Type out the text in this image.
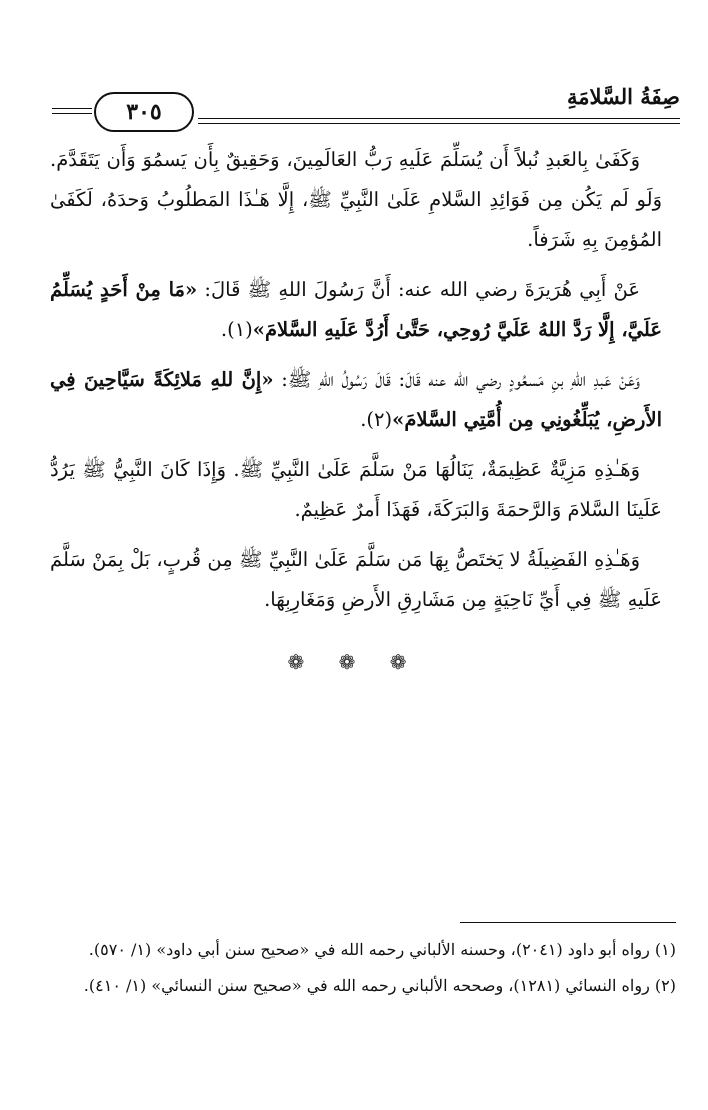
صِفَةُ السَّلامَةِ
٣٠٥

وَكَفَىٰ بِالعَبدِ نُبلاً أَن يُسَلِّمَ عَلَيهِ رَبُّ العَالَمِينَ، وَحَقِيقٌ بِأَن يَسمُوَ وَأَن يَتَقَدَّمَ. وَلَو لَم يَكُن مِن فَوَائِدِ السَّلامِ عَلَىٰ النَّبِيِّ ﷺ، إِلَّا هَـٰذَا المَطلُوبُ وَحدَهُ، لَكَفَىٰ المُؤمِنَ بِهِ شَرَفاً.

عَنْ أَبِي هُرَيرَةَ رضي الله عنه: أَنَّ رَسُولَ اللهِ ﷺ قَالَ: «مَا مِنْ أَحَدٍ يُسَلِّمُ عَلَيَّ، إِلَّا رَدَّ اللهُ عَلَيَّ رُوحِي، حَتَّىٰ أَرُدَّ عَلَيهِ السَّلامَ»(١).

وَعَنْ عَبدِ اللهِ بنِ مَسعُودٍ رضي الله عنه قَالَ: قَالَ رَسُولُ اللهِ ﷺ: «إِنَّ للهِ مَلائِكَةً سَيَّاحِينَ فِي الأَرضِ، يُبَلِّغُونِي مِن أُمَّتِي السَّلامَ»(٢).

وَهَـٰذِهِ مَزِيَّةٌ عَظِيمَةٌ، يَنَالُهَا مَنْ سَلَّمَ عَلَىٰ النَّبِيِّ ﷺ. وَإِذَا كَانَ النَّبِيُّ ﷺ يَرُدُّ عَلَينَا السَّلامَ وَالرَّحمَةَ وَالبَرَكَةَ، فَهَذَا أَمرٌ عَظِيمٌ.

وَهَـٰذِهِ الفَضِيلَةُ لا يَختَصُّ بِهَا مَن سَلَّمَ عَلَىٰ النَّبِيِّ ﷺ مِن قُربٍ، بَلْ بِمَنْ سَلَّمَ عَلَيهِ ﷺ فِي أَيِّ نَاحِيَةٍ مِن مَشَارِقِ الأَرضِ وَمَغَارِبِهَا.

❁ ❁ ❁

(١) رواه أبو داود (٢٠٤١)، وحسنه الألباني رحمه الله في «صحيح سنن أبي داود» (١/ ٥٧٠).

(٢) رواه النسائي (١٢٨١)، وصححه الألباني رحمه الله في «صحيح سنن النسائي» (١/ ٤١٠).
